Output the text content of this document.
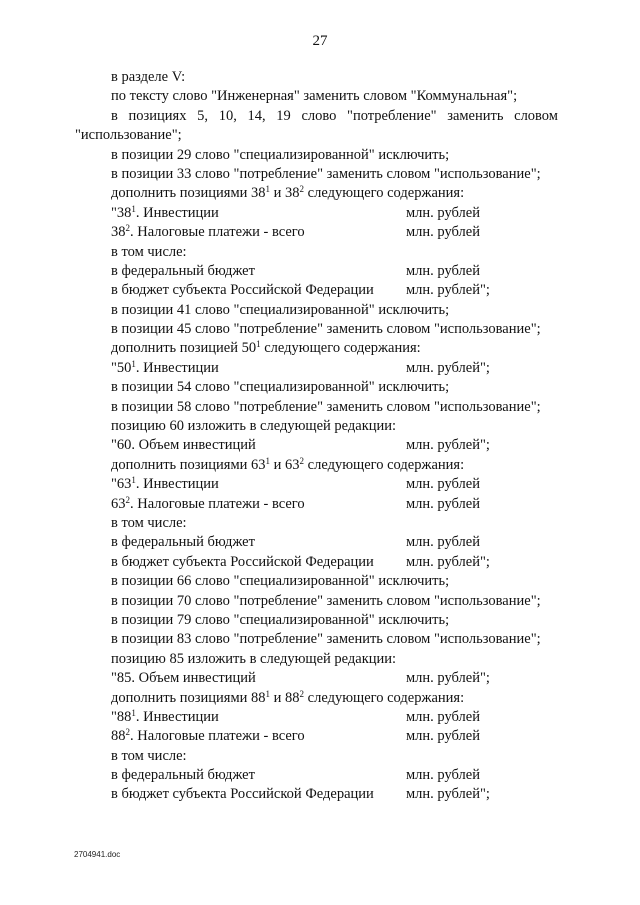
27
в разделе V:
по тексту слово "Инженерная" заменить словом "Коммунальная";
в позициях 5, 10, 14, 19 слово "потребление" заменить словом
"использование";
в позиции 29 слово "специализированной" исключить;
в позиции 33 слово "потребление" заменить словом "использование";
дополнить позициями $38^1$ и $38^2$ следующего содержания:
"$38^1$. Инвестиции	млн. рублей
$38^2$. Налоговые платежи - всего	млн. рублей
в том числе:
в федеральный бюджет	млн. рублей
в бюджет субъекта Российской Федерации млн. рублей";
в позиции 41 слово "специализированной" исключить;
в позиции 45 слово "потребление" заменить словом "использование";
дополнить позицией $50^1$ следующего содержания:
"$50^1$. Инвестиции	млн. рублей";
в позиции 54 слово "специализированной" исключить;
в позиции 58 слово "потребление" заменить словом "использование";
позицию 60 изложить в следующей редакции:
"60. Объем инвестиций	млн. рублей";
дополнить позициями $63^1$ и $63^2$ следующего содержания:
"$63^1$. Инвестиции	млн. рублей
$63^2$. Налоговые платежи - всего	млн. рублей
в том числе:
в федеральный бюджет	млн. рублей
в бюджет субъекта Российской Федерации млн. рублей";
в позиции 66 слово "специализированной" исключить;
в позиции 70 слово "потребление" заменить словом "использование";
в позиции 79 слово "специализированной" исключить;
в позиции 83 слово "потребление" заменить словом "использование";
позицию 85 изложить в следующей редакции:
"85. Объем инвестиций	млн. рублей";
дополнить позициями $88^1$ и $88^2$ следующего содержания:
"$88^1$. Инвестиции	млн. рублей
$88^2$. Налоговые платежи - всего	млн. рублей
в том числе:
в федеральный бюджет	млн. рублей
в бюджет субъекта Российской Федерации млн. рублей";
2704941.doc
